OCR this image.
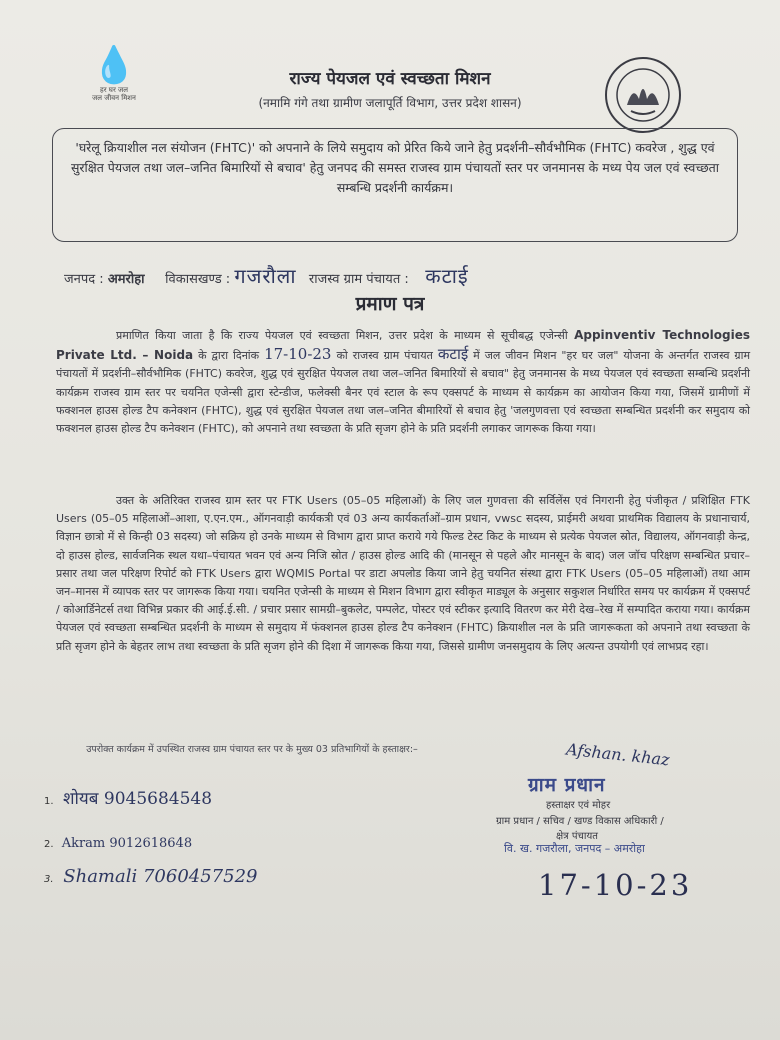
💧
हर घर जल
जल जीवन मिशन
राज्य पेयजल एवं स्वच्छता मिशन
(नमामि गंगे तथा ग्रामीण जलापूर्ति विभाग, उत्तर प्रदेश शासन)
'घरेलू क्रियाशील नल संयोजन (FHTC)' को अपनाने के लिये समुदाय को प्रेरित किये जाने हेतु प्रदर्शनी–सौर्वभौमिक (FHTC) कवरेज , शुद्ध एवं सुरक्षित पेयजल तथा जल–जनित बिमारियों से बचाव' हेतु जनपद की समस्त राजस्व ग्राम पंचायतों स्तर पर जनमानस के मध्य पेय जल एवं स्वच्छता सम्बन्धि प्रदर्शनी कार्यक्रम।
जनपद : अमरोहा विकासखण्ड : गजरौला राजस्व ग्राम पंचायत : कटाई
प्रमाण पत्र
प्रमाणित किया जाता है कि राज्य पेयजल एवं स्वच्छता मिशन, उत्तर प्रदेश के माध्यम से सूचीबद्ध एजेन्सी Appinventiv Technologies Private Ltd. – Noida के द्वारा दिनांक 17-10-23 को राजस्व ग्राम पंचायत कटाई में जल जीवन मिशन "हर घर जल" योजना के अन्तर्गत राजस्व ग्राम पंचायतों में प्रदर्शनी–सौर्वभौमिक (FHTC) कवरेज, शुद्ध एवं सुरक्षित पेयजल तथा जल–जनित बिमारियों से बचाव" हेतु जनमानस के मध्य पेयजल एवं स्वच्छता सम्बन्धि प्रदर्शनी कार्यक्रम राजस्व ग्राम स्तर पर चयनित एजेन्सी द्वारा स्टेन्डीज, फलेक्सी बैनर एवं स्टाल के रूप एक्सपर्ट के माध्यम से कार्यक्रम का आयोजन किया गया, जिसमें ग्रामीणों में फक्शनल हाउस होल्ड टैप कनेक्शन (FHTC), शुद्ध एवं सुरक्षित पेयजल तथा जल–जनित बीमारियों से बचाव हेतु 'जलगुणवत्ता एवं स्वच्छता सम्बन्धित प्रदर्शनी कर समुदाय को फक्शनल हाउस होल्ड टैप कनेक्शन (FHTC), को अपनाने तथा स्वच्छता के प्रति सृजग होने के प्रति प्रदर्शनी लगाकर जागरूक किया गया।
उक्त के अतिरिक्त राजस्व ग्राम स्तर पर FTK Users (05–05 महिलाओं) के लिए जल गुणवत्ता की सर्विलेंस एवं निगरानी हेतु पंजीकृत / प्रशिक्षित FTK Users (05–05 महिलाओं–आशा, ए.एन.एम., ऑगनवाड़ी कार्यकत्री एवं 03 अन्य कार्यकर्ताओं–ग्राम प्रधान, vwsc सदस्य, प्राईमरी अथवा प्राथमिक विद्यालय के प्रधानाचार्य, विज्ञान छात्रो में से किन्ही 03 सदस्य) जो सक्रिय हो उनके माध्यम से विभाग द्वारा प्राप्त कराये गये फिल्ड टेस्ट किट के माध्यम से प्रत्येक पेयजल स्रोत, विद्यालय, ऑगनवाड़ी केन्द्र, दो हाउस होल्ड, सार्वजनिक स्थल यथा–पंचायत भवन एवं अन्य निजि स्रोत / हाउस होल्ड आदि की (मानसून से पहले और मानसून के बाद) जल जॉच परिक्षण सम्बन्धित प्रचार–प्रसार तथा जल परिक्षण रिपोर्ट को FTK Users द्वारा WQMIS Portal पर डाटा अपलोड किया जाने हेतु चयनित संस्था द्वारा FTK Users (05–05 महिलाओं) तथा आम जन–मानस में व्यापक स्तर पर जागरूक किया गया। चयनित एजेन्सी के माध्यम से मिशन विभाग द्वारा स्वीकृत माड्यूल के अनुसार सकुशल निर्धारित समय पर कार्यक्रम में एक्सपर्ट / कोआर्डिनेटर्स तथा विभिन्न प्रकार की आई.ई.सी. / प्रचार प्रसार सामग्री–बुकलेट, पम्पलेट, पोस्टर एवं स्टीकर इत्यादि वितरण कर मेरी देख–रेख में सम्पादित कराया गया। कार्यक्रम पेयजल एवं स्वच्छता सम्बन्धित प्रदर्शनी के माध्यम से समुदाय में फंक्शनल हाउस होल्ड टैप कनेक्शन (FHTC) क्रियाशील नल के प्रति जागरूकता को अपनाने तथा स्वच्छता के प्रति सृजग होने के बेहतर लाभ तथा स्वच्छता के प्रति सृजग होने की दिशा में जागरूक किया गया, जिससे ग्रामीण जनसमुदाय के लिए अत्यन्त उपयोगी एवं लाभप्रद रहा।
उपरोक्त कार्यक्रम में उपस्थित राजस्व ग्राम पंचायत स्तर पर के मुख्य 03 प्रतिभागियों के हस्ताक्षर:–
1. शोयब 9045684548
2. Akram 9012618648
3. Shamali 7060457529
Afshan. khaz
ग्राम प्रधान
हस्ताक्षर एवं मोहर
ग्राम प्रधान / सचिव / खण्ड विकास अधिकारी /
क्षेत्र पंचायत
वि. ख. गजरौला, जनपद – अमरोहा
17-10-23
